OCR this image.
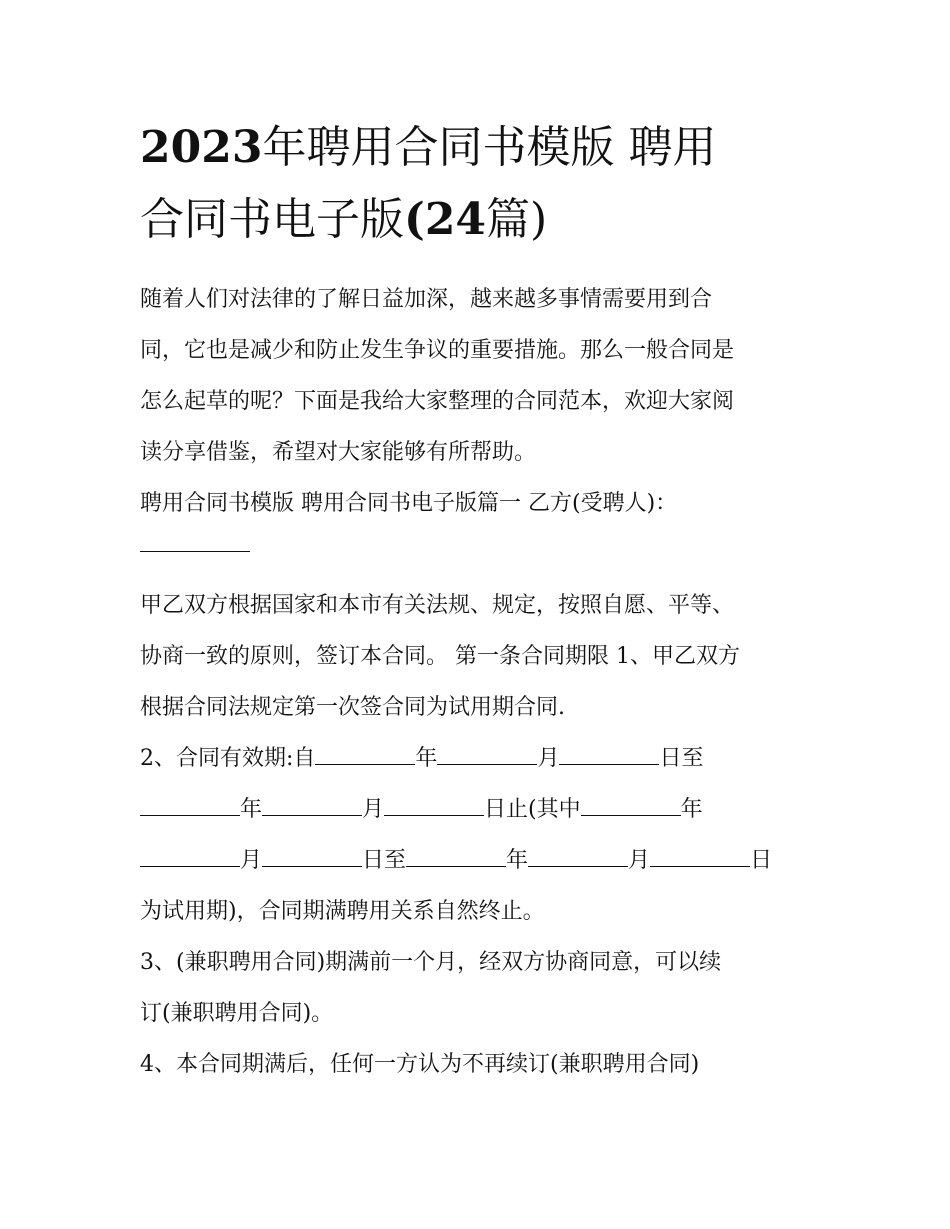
2023年聘用合同书模版 聘用
合同书电子版(24篇)

随着人们对法律的了解日益加深，越来越多事情需要用到合
同，它也是减少和防止发生争议的重要措施。那么一般合同是
怎么起草的呢？下面是我给大家整理的合同范本，欢迎大家阅
读分享借鉴，希望对大家能够有所帮助。

聘用合同书模版 聘用合同书电子版篇一 乙方(受聘人)：

甲乙双方根据国家和本市有关法规、规定，按照自愿、平等、
协商一致的原则，签订本合同。 第一条合同期限 1、甲乙双方
根据合同法规定第一次签合同为试用期合同.

2、合同有效期:自	年	月	日至
年	月	日止(其中	年
月	日至	年	月	日
为试用期)，合同期满聘用关系自然终止。

3、(兼职聘用合同)期满前一个月，经双方协商同意，可以续
订(兼职聘用合同)。

4、本合同期满后，任何一方认为不再续订(兼职聘用合同)
